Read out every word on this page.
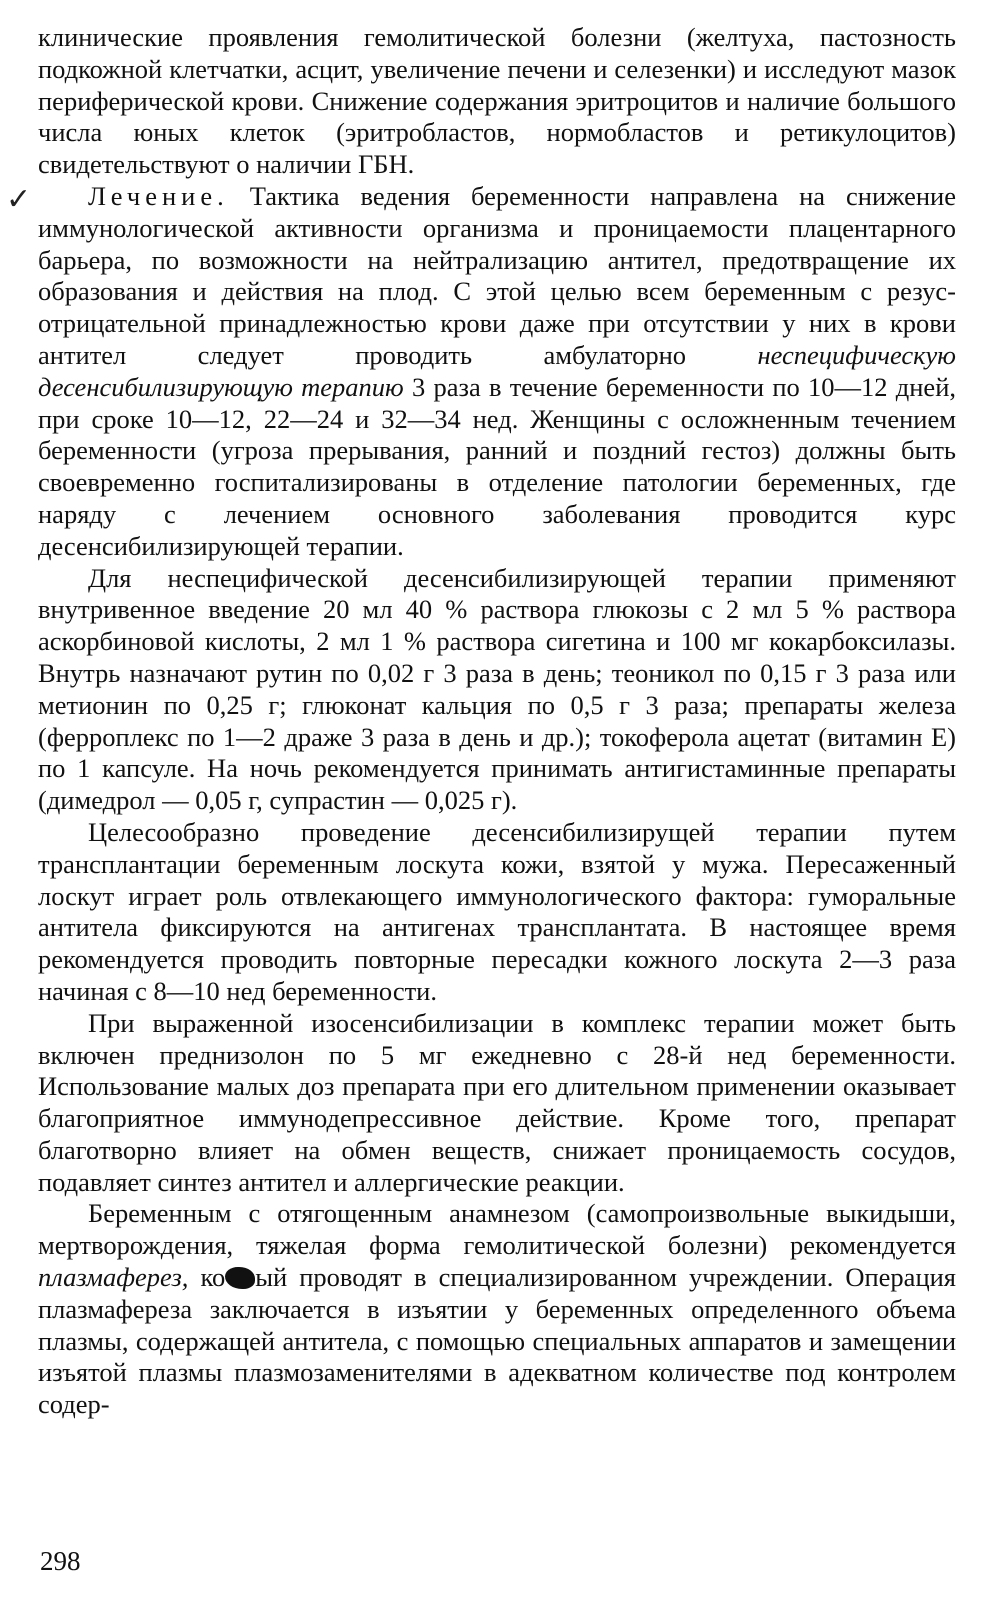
клинические проявления гемолитической болезни (желтуха, пастозность подкожной клетчатки, асцит, увеличение печени и селезенки) и исследуют мазок периферической крови. Снижение содержания эритроцитов и наличие большого числа юных клеток (эритробластов, нормобластов и ретикулоцитов) свидетельствуют о наличии ГБН.

✓	Лечение. Тактика ведения беременности направлена на снижение иммунологической активности организма и проницаемости плацентарного барьера, по возможности на нейтрализацию антител, предотвращение их образования и действия на плод. С этой целью всем беременным с резус-отрицательной принадлежностью крови даже при отсутствии у них в крови антител следует проводить амбулаторно неспецифическую десенсибилизирующую терапию 3 раза в течение беременности по 10—12 дней, при сроке 10—12, 22—24 и 32—34 нед. Женщины с осложненным течением беременности (угроза прерывания, ранний и поздний гестоз) должны быть своевременно госпитализированы в отделение патологии беременных, где наряду с лечением основного заболевания проводится курс десенсибилизирующей терапии.

Для неспецифической десенсибилизирующей терапии применяют внутривенное введение 20 мл 40 % раствора глюкозы с 2 мл 5 % раствора аскорбиновой кислоты, 2 мл 1 % раствора сигетина и 100 мг кокарбоксилазы. Внутрь назначают рутин по 0,02 г 3 раза в день; теоникол по 0,15 г 3 раза или метионин по 0,25 г; глюконат кальция по 0,5 г 3 раза; препараты железа (ферроплекс по 1—2 драже 3 раза в день и др.); токоферола ацетат (витамин Е) по 1 капсуле. На ночь рекомендуется принимать антигистаминные препараты (димедрол — 0,05 г, супрастин — 0,025 г).

Целесообразно проведение десенсибилизирущей терапии путем трансплантации беременным лоскута кожи, взятой у мужа. Пересаженный лоскут играет роль отвлекающего иммунологического фактора: гуморальные антитела фиксируются на антигенах трансплантата. В настоящее время рекомендуется проводить повторные пересадки кожного лоскута 2—3 раза начиная с 8—10 нед беременности.

При выраженной изосенсибилизации в комплекс терапии может быть включен преднизолон по 5 мг ежедневно с 28-й нед беременности. Использование малых доз препарата при его длительном применении оказывает благоприятное иммунодепрессивное действие. Кроме того, препарат благотворно влияет на обмен веществ, снижает проницаемость сосудов, подавляет синтез антител и аллергические реакции.

Беременным с отягощенным анамнезом (самопроизвольные выкидыши, мертворождения, тяжелая форма гемолитической болезни) рекомендуется плазмаферез, ко ый проводят в специализированном учреждении. Операция плазмафереза заключается в изъятии у беременных определенного объема плазмы, содержащей антитела, с помощью специальных аппаратов и замещении изъятой плазмы плазмозаменителями в адекватном количестве под контролем содер-

298
